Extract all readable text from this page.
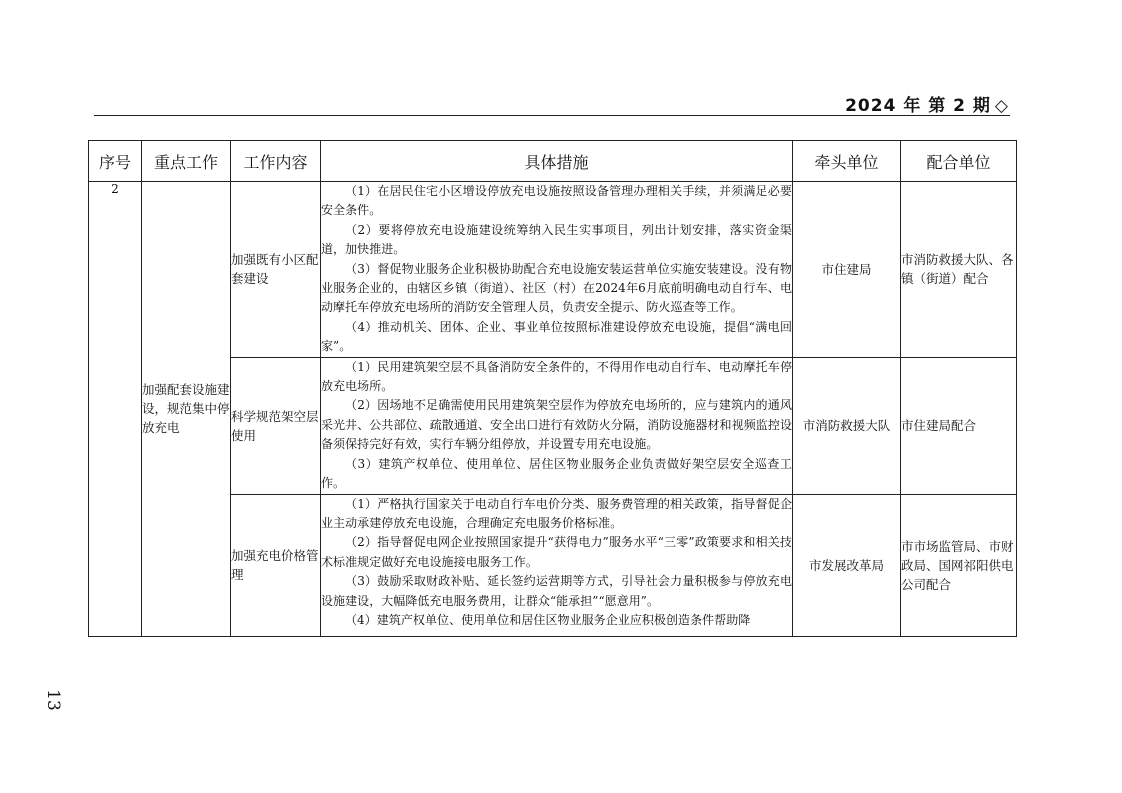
2024 年 第 2 期 ◇
序号	重点工作	工作内容	具体措施	牵头单位	配合单位
2	加强配套设施建设，规范集中停放充电	加强既有小区配套建设	（1）在居民住宅小区增设停放充电设施按照设备管理办理相关手续，并须满足必要安全条件。

（2）要将停放充电设施建设统筹纳入民生实事项目，列出计划安排，落实资金渠道，加快推进。

（3）督促物业服务企业积极协助配合充电设施安装运营单位实施安装建设。没有物业服务企业的，由辖区乡镇（街道）、社区（村）在2024年6月底前明确电动自行车、电动摩托车停放充电场所的消防安全管理人员，负责安全提示、防火巡查等工作。

（4）推动机关、团体、企业、事业单位按照标准建设停放充电设施，提倡“满电回家”。	市住建局	市消防救援大队、各镇（街道）配合
		科学规范架空层使用	（1）民用建筑架空层不具备消防安全条件的，不得用作电动自行车、电动摩托车停放充电场所。

（2）因场地不足确需使用民用建筑架空层作为停放充电场所的，应与建筑内的通风采光井、公共部位、疏散通道、安全出口进行有效防火分隔，消防设施器材和视频监控设备须保持完好有效，实行车辆分组停放，并设置专用充电设施。

（3）建筑产权单位、使用单位、居住区物业服务企业负责做好架空层安全巡查工作。	市消防救援大队	市住建局配合
		加强充电价格管理	（1）严格执行国家关于电动自行车电价分类、服务费管理的相关政策，指导督促企业主动承建停放充电设施，合理确定充电服务价格标准。

（2）指导督促电网企业按照国家提升“获得电力”服务水平“三零”政策要求和相关技术标准规定做好充电设施接电服务工作。

（3）鼓励采取财政补贴、延长签约运营期等方式，引导社会力量积极参与停放充电设施建设，大幅降低充电服务费用，让群众“能承担”“愿意用”。

（4）建筑产权单位、使用单位和居住区物业服务企业应积极创造条件帮助降	市发展改革局	市市场监管局、市财政局、国网祁阳供电公司配合
13
